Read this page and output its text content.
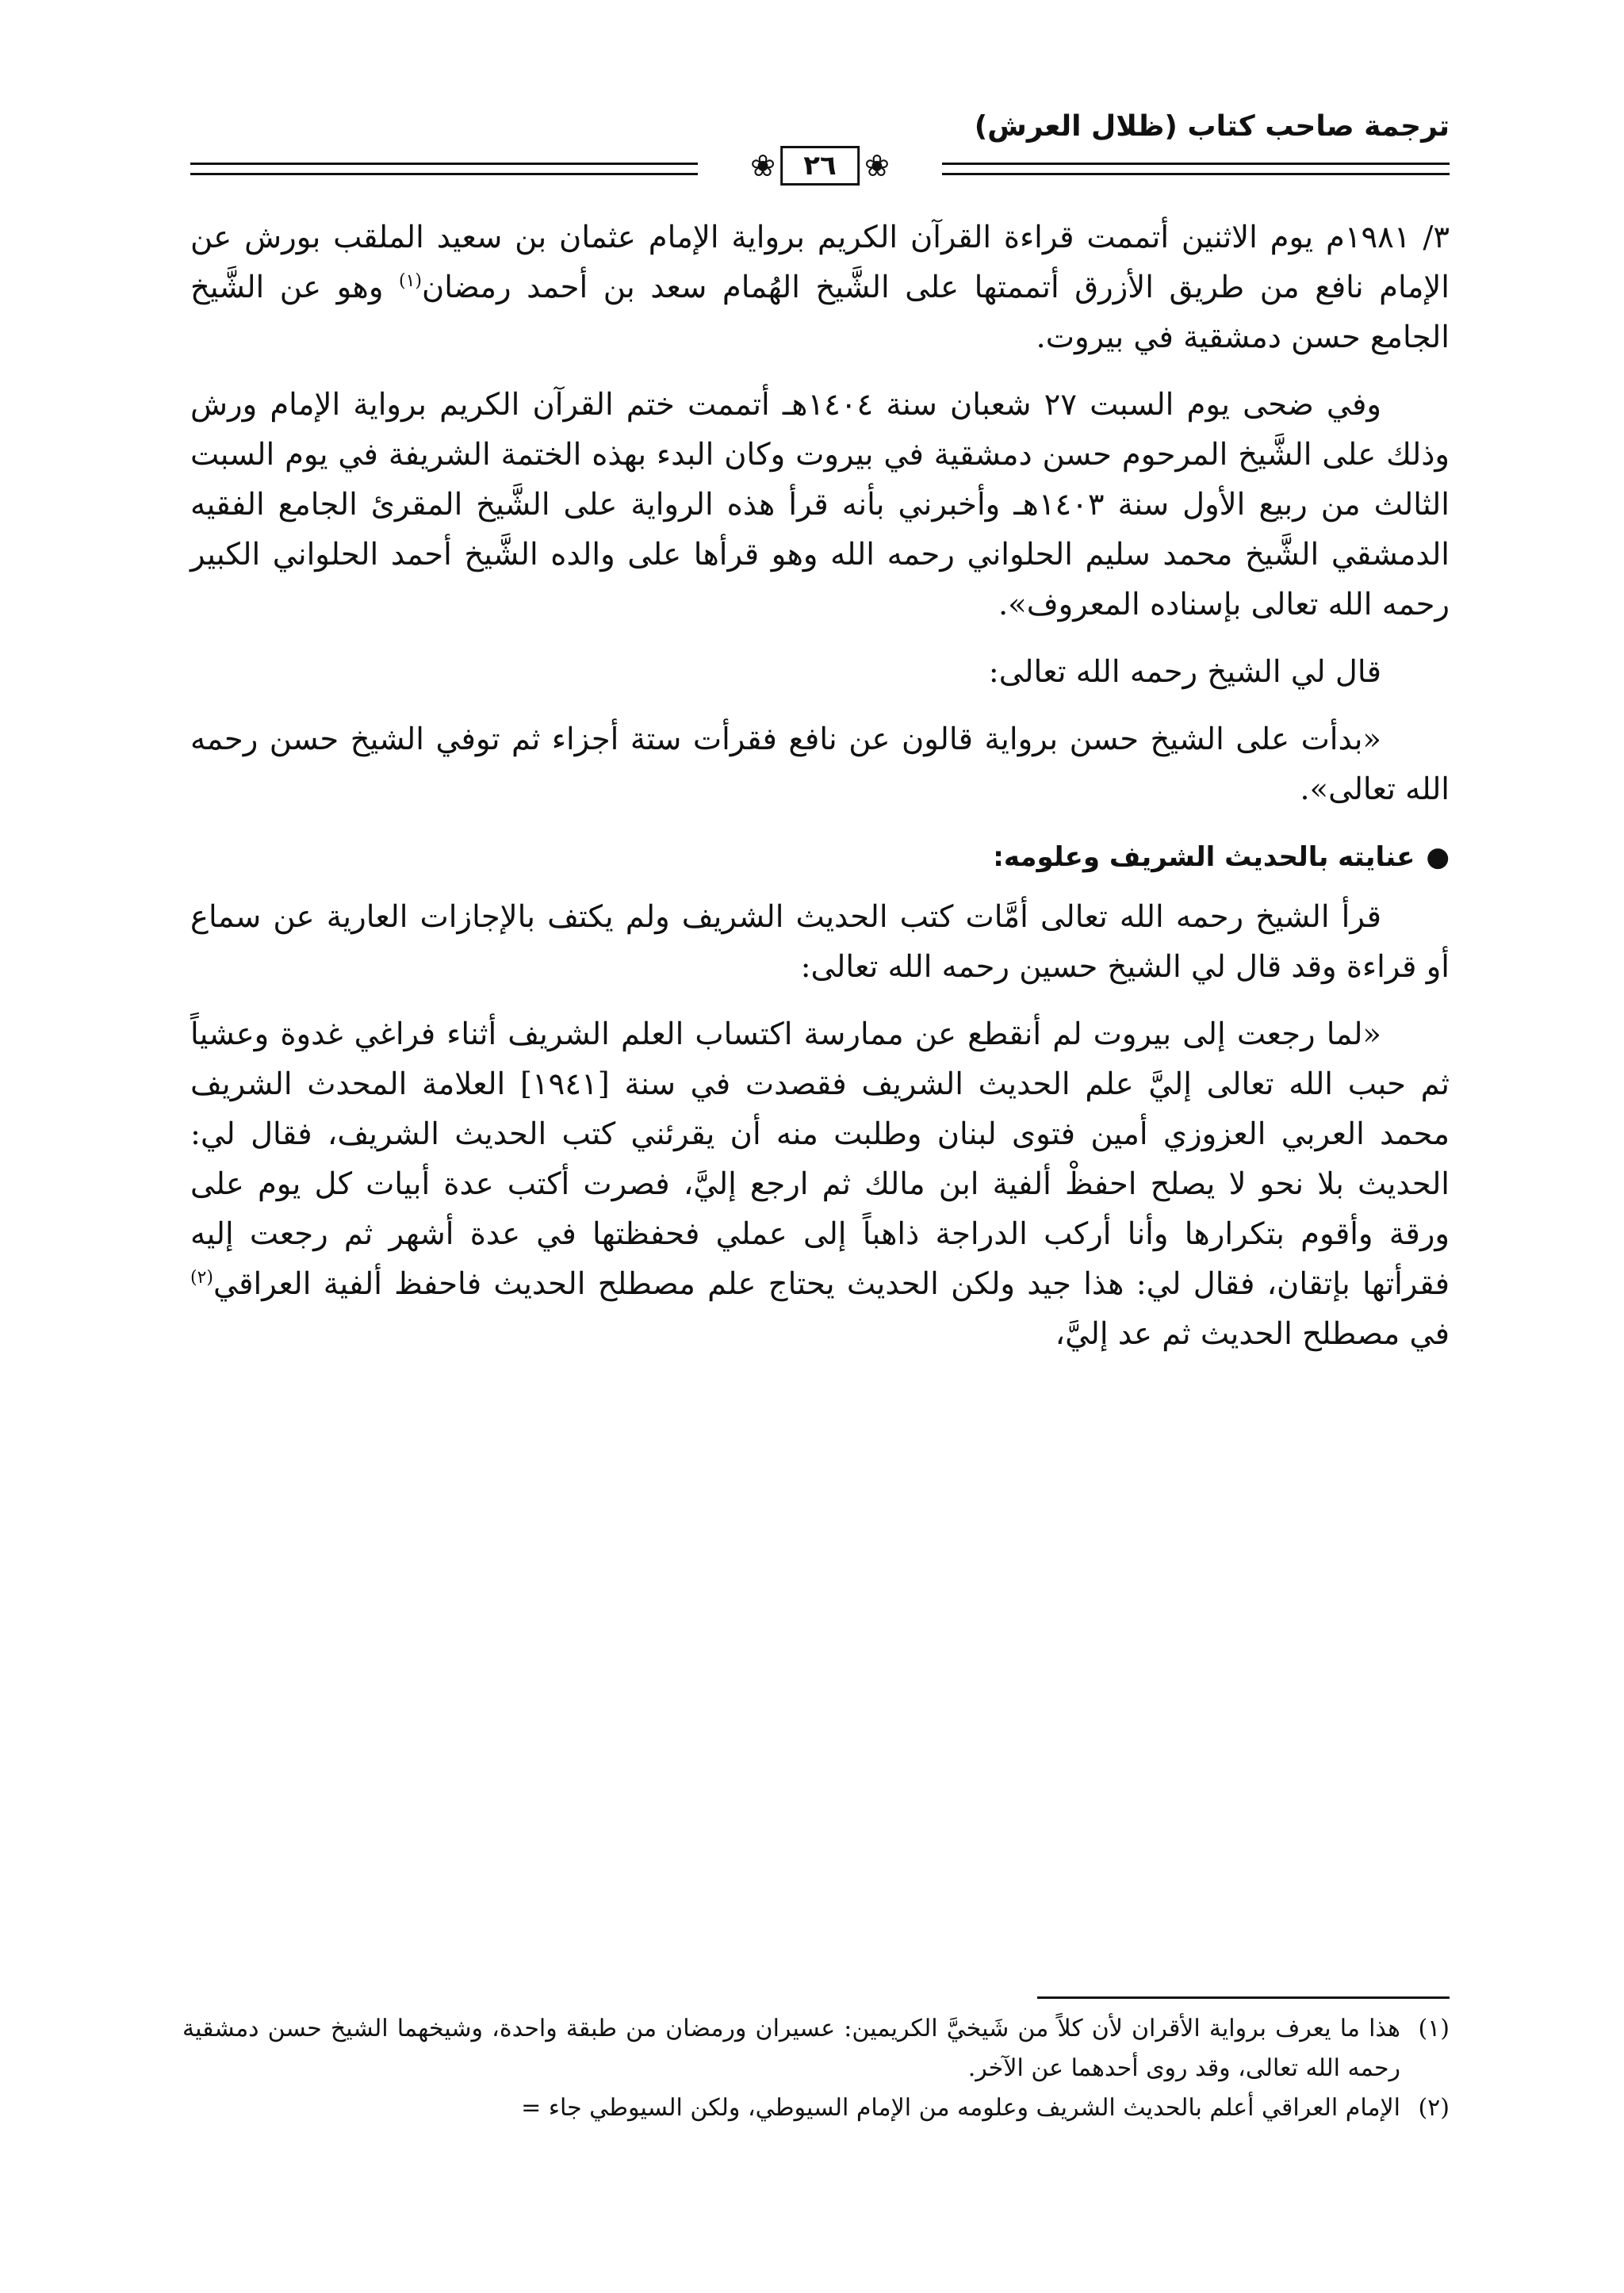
ترجمة صاحب كتاب (ظلال العرش)
❀	٢٦ ❀

٣/ ١٩٨١م يوم الاثنين أتممت قراءة القرآن الكريم برواية الإمام عثمان بن سعيد الملقب بورش عن الإمام نافع من طريق الأزرق أتممتها على الشَّيخ الهُمام سعد بن أحمد رمضان$^{(١)}$ وهو عن الشَّيخ الجامع حسن دمشقية في بيروت.

وفي ضحى يوم السبت ٢٧ شعبان سنة ١٤٠٤هـ أتممت ختم القرآن الكريم برواية الإمام ورش وذلك على الشَّيخ المرحوم حسن دمشقية في بيروت وكان البدء بهذه الختمة الشريفة في يوم السبت الثالث من ربيع الأول سنة ١٤٠٣هـ وأخبرني بأنه قرأ هذه الرواية على الشَّيخ المقرئ الجامع الفقيه الدمشقي الشَّيخ محمد سليم الحلواني رحمه الله وهو قرأها على والده الشَّيخ أحمد الحلواني الكبير رحمه الله تعالى بإسناده المعروف».

قال لي الشيخ رحمه الله تعالى:

«بدأت على الشيخ حسن برواية قالون عن نافع فقرأت ستة أجزاء ثم توفي الشيخ حسن رحمه الله تعالى».

●عنايته بالحديث الشريف وعلومه:

قرأ الشيخ رحمه الله تعالى أمَّات كتب الحديث الشريف ولم يكتف بالإجازات العارية عن سماع أو قراءة وقد قال لي الشيخ حسين رحمه الله تعالى:

«لما رجعت إلى بيروت لم أنقطع عن ممارسة اكتساب العلم الشريف أثناء فراغي غدوة وعشياً ثم حبب الله تعالى إليَّ علم الحديث الشريف فقصدت في سنة [١٩٤١] العلامة المحدث الشريف محمد العربي العزوزي أمين فتوى لبنان وطلبت منه أن يقرئني كتب الحديث الشريف، فقال لي: الحديث بلا نحو لا يصلح احفظْ ألفية ابن مالك ثم ارجع إليَّ، فصرت أكتب عدة أبيات كل يوم على ورقة وأقوم بتكرارها وأنا أركب الدراجة ذاهباً إلى عملي فحفظتها في عدة أشهر ثم رجعت إليه فقرأتها بإتقان، فقال لي: هذا جيد ولكن الحديث يحتاج علم مصطلح الحديث فاحفظ ألفية العراقي$^{(٢)}$ في مصطلح الحديث ثم عد إليَّ،

(١)
هذا ما يعرف برواية الأقران لأن كلاً من شَيخيَّ الكريمين: عسيران ورمضان من طبقة واحدة، وشيخهما الشيخ حسن دمشقية رحمه الله تعالى، وقد روى أحدهما عن الآخر.

(٢)
الإمام العراقي أعلم بالحديث الشريف وعلومه من الإمام السيوطي، ولكن السيوطي جاء =
